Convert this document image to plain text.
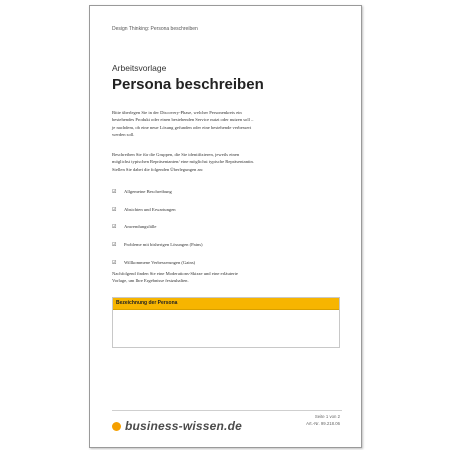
Design Thinking: Persona beschreiben
Arbeitsvorlage
Persona beschreiben

Bitte überlegen Sie in der Discovery-Phase, welcher Personenkreis ein
bestehendes Produkt oder einen bestehenden Service nutzt oder nutzen soll –
je nachdem, ob eine neue Lösung gefunden oder eine bestehende verbessert
werden soll.

Beschreiben Sie für die Gruppen, die Sie identifizieren, jeweils einen
möglichst typischen Repräsentanten/ eine möglichst typische Repräsentantin.
Stellen Sie dabei die folgenden Überlegungen an:

☑ Allgemeine Beschreibung
☑ Absichten und Erwartungen
☑ Anwendungsfälle
☑ Probleme mit bisherigen Lösungen (Pains)
☑ Willkommene Verbesserungen (Gains)

Nachfolgend finden Sie eine Moderations-Skizze und eine erläuterte
Vorlage, um Ihre Ergebnisse festzuhalten.

Bezeichnung der Persona
business-wissen.de
Seite 1 von 2
Art.-Nr. 99.218.06
